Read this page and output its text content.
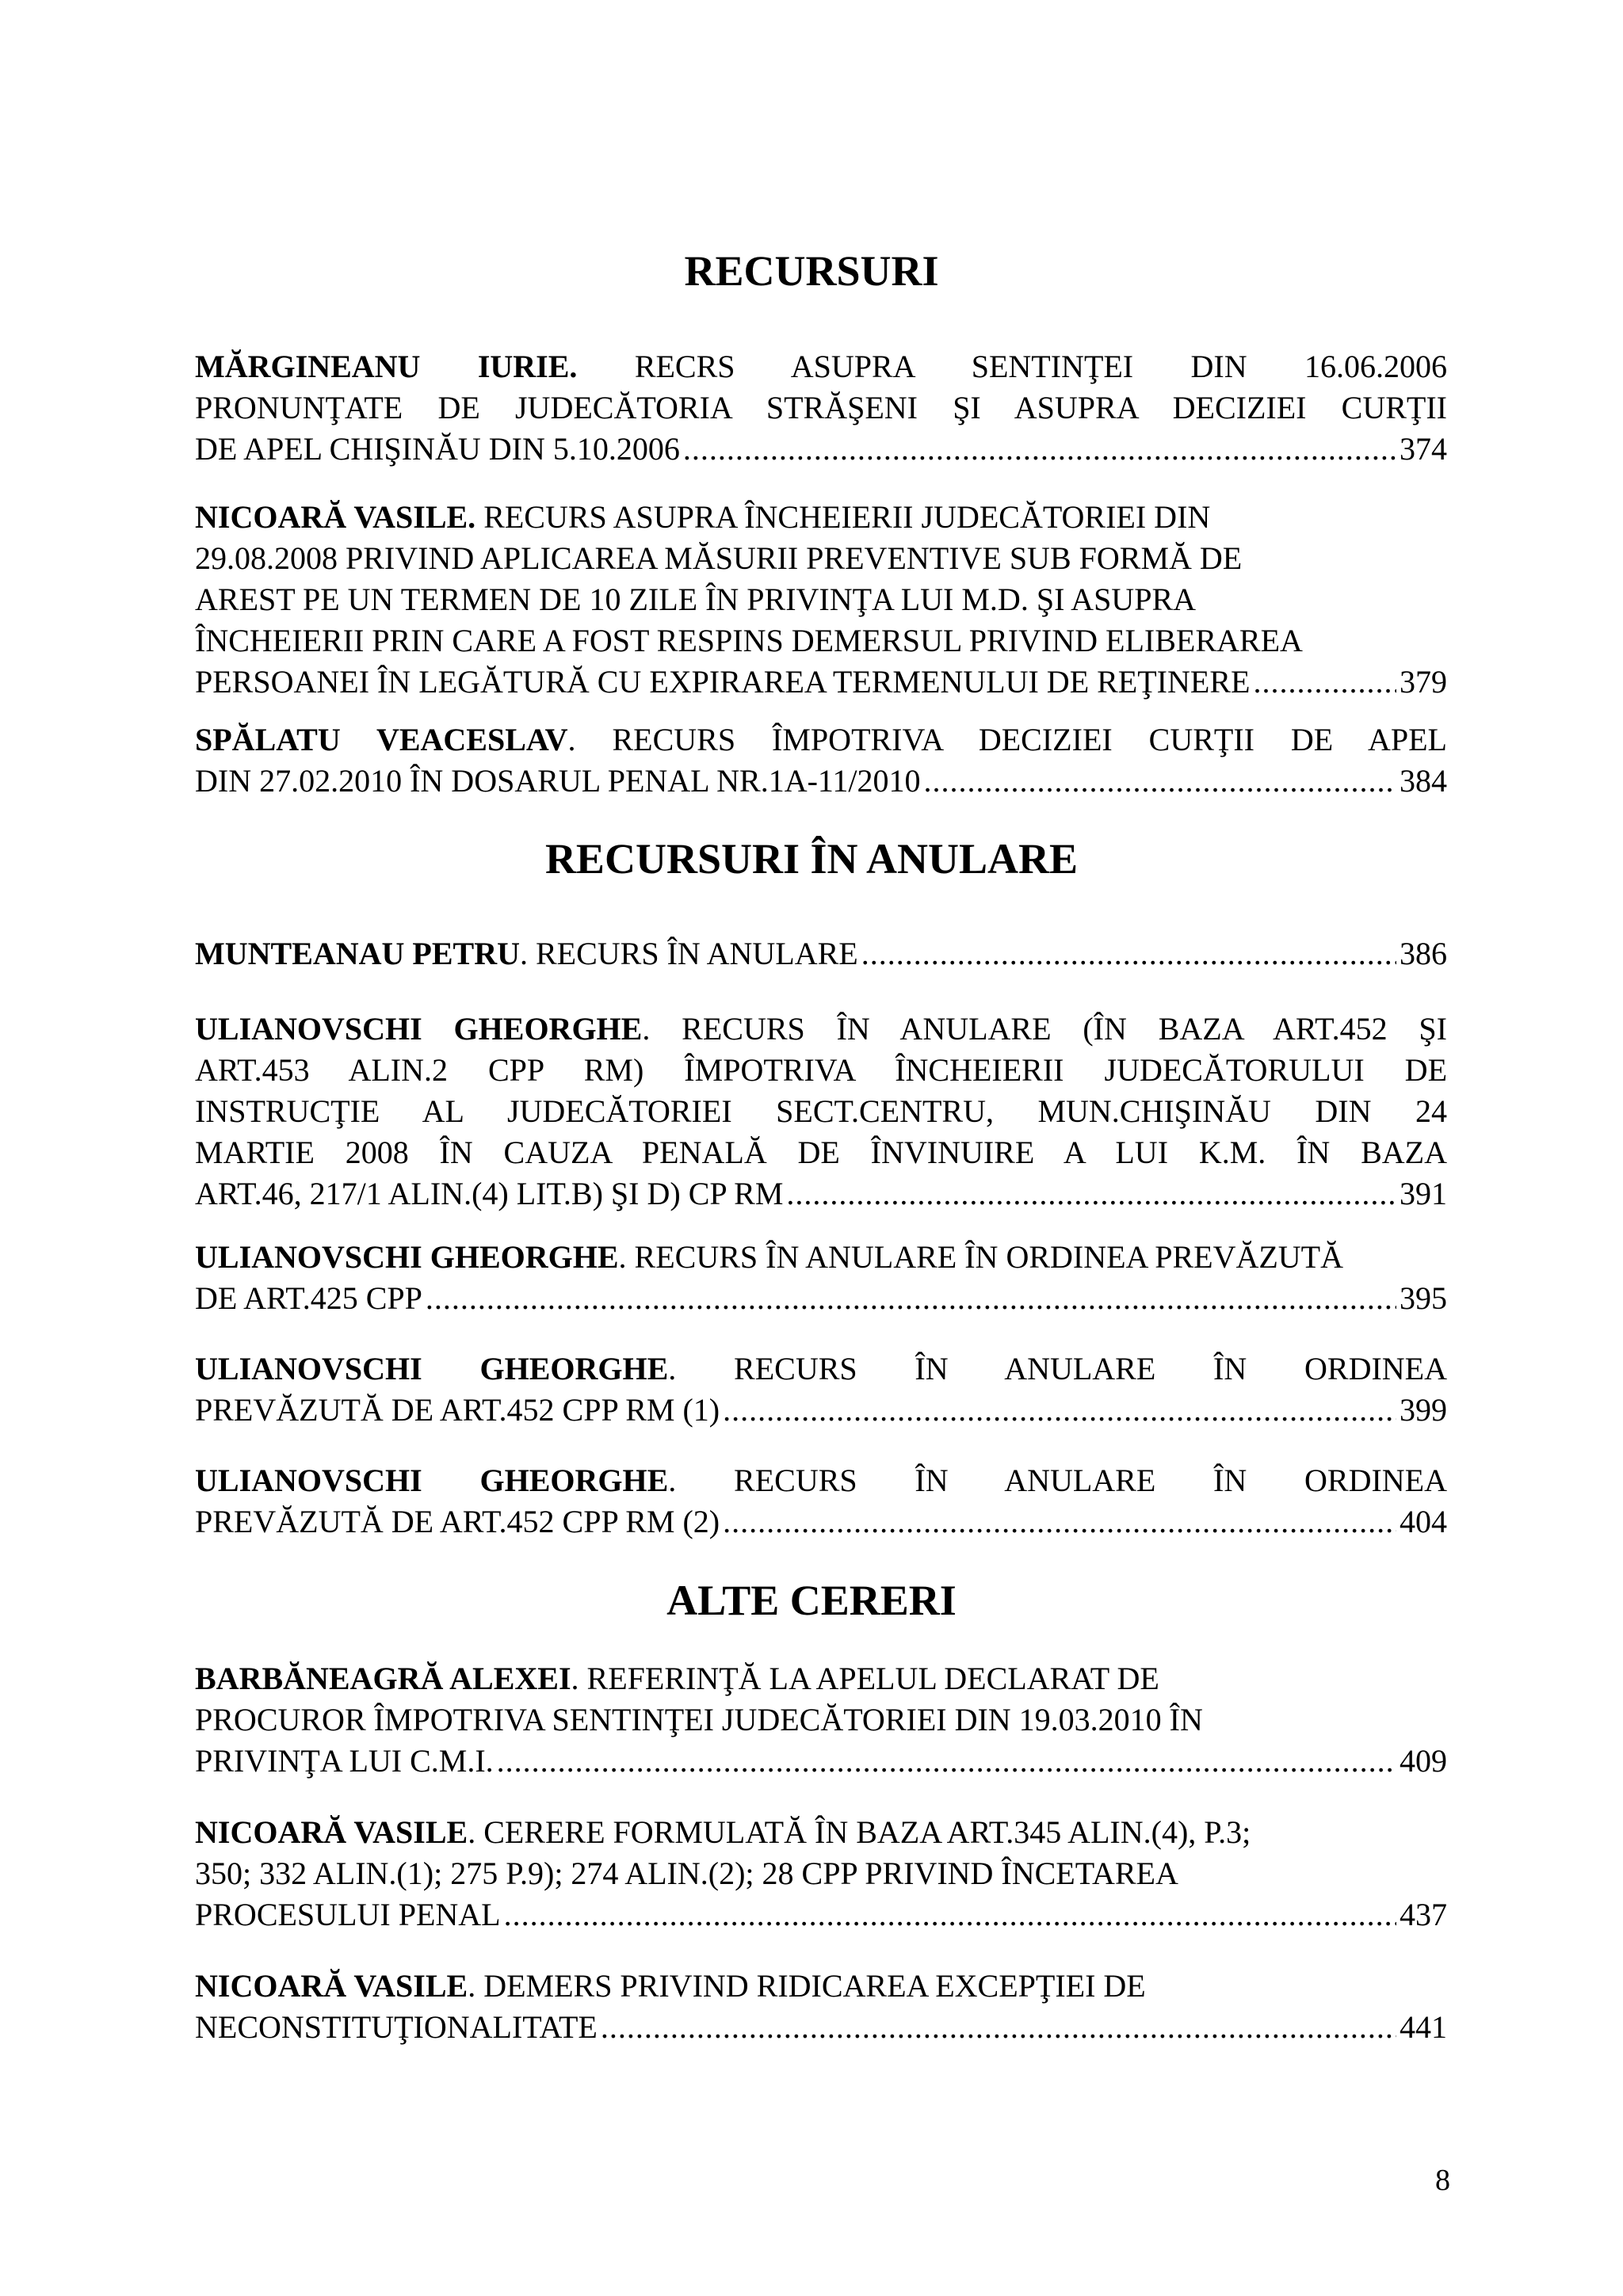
RECURSURI
MĂRGINEANU IURIE. RECRS ASUPRA SENTINŢEI DIN 16.06.2006
PRONUNŢATE DE JUDECĂTORIA STRĂŞENI ŞI ASUPRA DECIZIEI CURŢII
DE APEL CHIŞINĂU DIN 5.10.2006 .....	374
NICOARĂ VASILE. RECURS ASUPRA ÎNCHEIERII JUDECĂTORIEI DIN
29.08.2008 PRIVIND APLICAREA MĂSURII PREVENTIVE SUB FORMĂ DE
AREST PE UN TERMEN DE 10 ZILE ÎN PRIVINŢA LUI M.D. ŞI ASUPRA
ÎNCHEIERII PRIN CARE A FOST RESPINS DEMERSUL PRIVIND ELIBERAREA
PERSOANEI ÎN LEGĂTURĂ CU EXPIRAREA TERMENULUI DE REŢINERE .....	379
SPĂLATU VEACESLAV. RECURS ÎMPOTRIVA DECIZIEI CURŢII DE APEL
DIN 27.02.2010 ÎN DOSARUL PENAL NR.1A-11/2010 .....	384
RECURSURI ÎN ANULARE
MUNTEANAU PETRU. RECURS ÎN ANULARE .....	386
ULIANOVSCHI GHEORGHE. RECURS ÎN ANULARE (ÎN BAZA ART.452 ŞI
ART.453 ALIN.2 CPP RM) ÎMPOTRIVA ÎNCHEIERII JUDECĂTORULUI DE
INSTRUCŢIE AL JUDECĂTORIEI SECT.CENTRU, MUN.CHIŞINĂU DIN 24
MARTIE 2008 ÎN CAUZA PENALĂ DE ÎNVINUIRE A LUI K.M. ÎN BAZA
ART.46, 217/1 ALIN.(4) LIT.B) ŞI D) CP RM .....	391
ULIANOVSCHI GHEORGHE. RECURS ÎN ANULARE ÎN ORDINEA PREVĂZUTĂ
DE ART.425 CPP .....	395
ULIANOVSCHI GHEORGHE. RECURS ÎN ANULARE ÎN ORDINEA
PREVĂZUTĂ DE ART.452 CPP RM (1) .....	399
ULIANOVSCHI GHEORGHE. RECURS ÎN ANULARE ÎN ORDINEA
PREVĂZUTĂ DE ART.452 CPP RM (2) .....	404
ALTE CERERI
BARBĂNEAGRĂ ALEXEI. REFERINŢĂ LA APELUL DECLARAT DE
PROCUROR ÎMPOTRIVA SENTINŢEI JUDECĂTORIEI DIN 19.03.2010 ÎN
PRIVINŢA LUI C.M.I. .....	409
NICOARĂ VASILE. CERERE FORMULATĂ ÎN BAZA ART.345 ALIN.(4), P.3;
350; 332 ALIN.(1); 275 P.9); 274 ALIN.(2); 28 CPP PRIVIND ÎNCETAREA
PROCESULUI PENAL .....	437
NICOARĂ VASILE. DEMERS PRIVIND RIDICAREA EXCEPŢIEI DE
NECONSTITUŢIONALITATE .....	441
8
